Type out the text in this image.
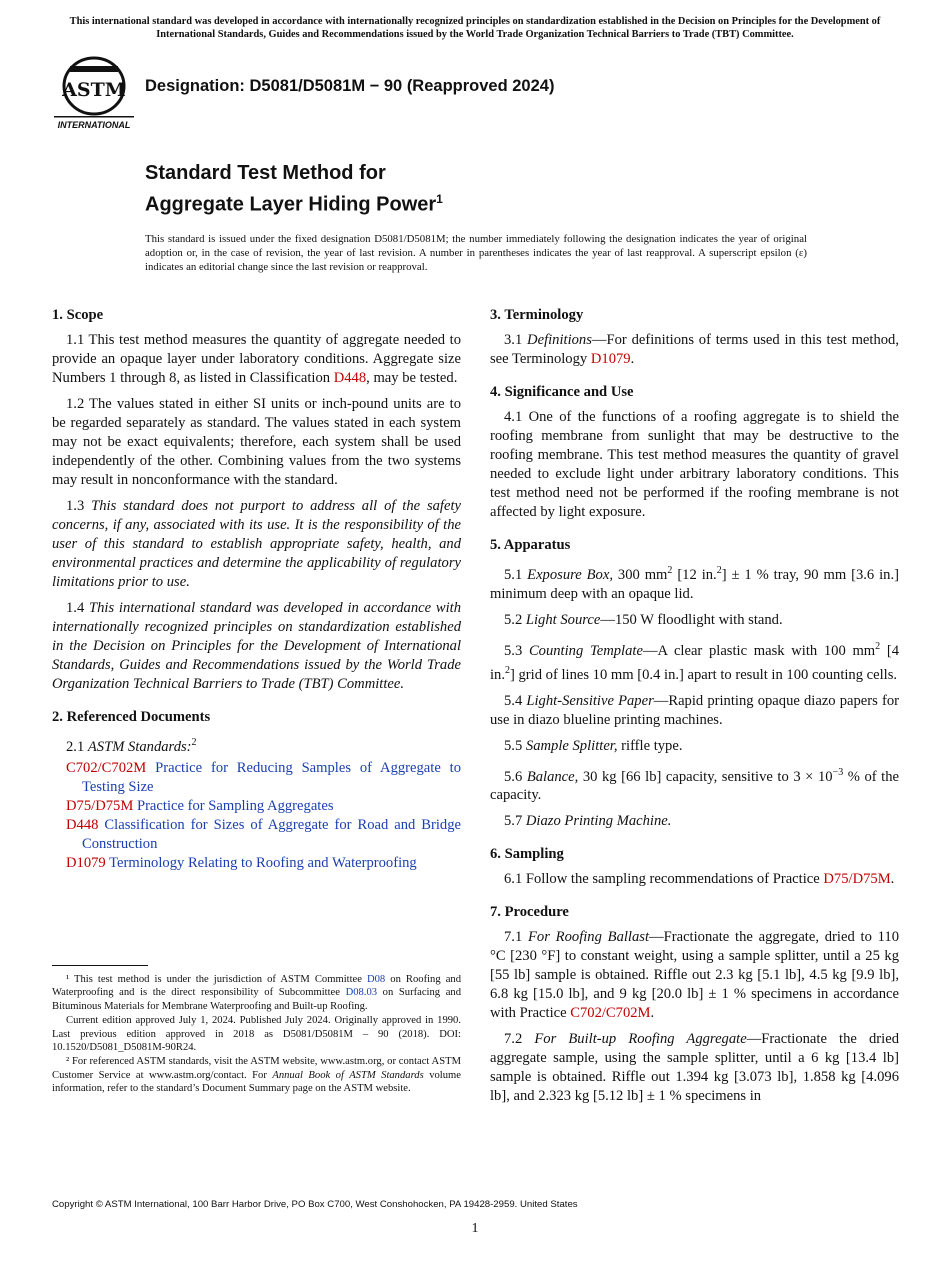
This international standard was developed in accordance with internationally recognized principles on standardization established in the Decision on Principles for the Development of International Standards, Guides and Recommendations issued by the World Trade Organization Technical Barriers to Trade (TBT) Committee.
ASTM
INTERNATIONAL
Designation: D5081/D5081M − 90 (Reapproved 2024)
Standard Test Method for
Aggregate Layer Hiding Power$^1$
This standard is issued under the fixed designation D5081/D5081M; the number immediately following the designation indicates the year of original adoption or, in the case of revision, the year of last revision. A number in parentheses indicates the year of last reapproval. A superscript epsilon (ε) indicates an editorial change since the last revision or reapproval.
1. Scope
1.1 This test method measures the quantity of aggregate needed to provide an opaque layer under laboratory conditions. Aggregate size Numbers 1 through 8, as listed in Classification D448, may be tested.
1.2 The values stated in either SI units or inch-pound units are to be regarded separately as standard. The values stated in each system may not be exact equivalents; therefore, each system shall be used independently of the other. Combining values from the two systems may result in nonconformance with the standard.
1.3 This standard does not purport to address all of the safety concerns, if any, associated with its use. It is the responsibility of the user of this standard to establish appropriate safety, health, and environmental practices and determine the applicability of regulatory limitations prior to use.
1.4 This international standard was developed in accordance with internationally recognized principles on standardization established in the Decision on Principles for the Development of International Standards, Guides and Recommendations issued by the World Trade Organization Technical Barriers to Trade (TBT) Committee.
2. Referenced Documents
2.1 ASTM Standards:$^2$
C702/C702M Practice for Reducing Samples of Aggregate to Testing Size
D75/D75M Practice for Sampling Aggregates
D448 Classification for Sizes of Aggregate for Road and Bridge Construction
D1079 Terminology Relating to Roofing and Waterproofing
¹ This test method is under the jurisdiction of ASTM Committee D08 on Roofing and Waterproofing and is the direct responsibility of Subcommittee D08.03 on Surfacing and Bituminous Materials for Membrane Waterproofing and Built-up Roofing.
Current edition approved July 1, 2024. Published July 2024. Originally approved in 1990. Last previous edition approved in 2018 as D5081/D5081M – 90 (2018). DOI: 10.1520/D5081_D5081M-90R24.
² For referenced ASTM standards, visit the ASTM website, www.astm.org, or contact ASTM Customer Service at www.astm.org/contact. For Annual Book of ASTM Standards volume information, refer to the standard’s Document Summary page on the ASTM website.
3. Terminology
3.1 Definitions—For definitions of terms used in this test method, see Terminology D1079.
4. Significance and Use
4.1 One of the functions of a roofing aggregate is to shield the roofing membrane from sunlight that may be destructive to the roofing membrane. This test method measures the quantity of gravel needed to exclude light under arbitrary laboratory conditions. This test method need not be performed if the roofing membrane is not affected by light exposure.
5. Apparatus
5.1 Exposure Box, 300 $mm^2$ [12 in.$^2$] ± 1 % tray, 90 mm [3.6 in.] minimum deep with an opaque lid.
5.2 Light Source—150 W floodlight with stand.
5.3 Counting Template—A clear plastic mask with 100 $mm^2$ [4 in.$^2$] grid of lines 10 mm [0.4 in.] apart to result in 100 counting cells.
5.4 Light-Sensitive Paper—Rapid printing opaque diazo papers for use in diazo blueline printing machines.
5.5 Sample Splitter, riffle type.
5.6 Balance, 30 kg [66 lb] capacity, sensitive to $3 \times 10^{-3}$ % of the capacity.
5.7 Diazo Printing Machine.
6. Sampling
6.1 Follow the sampling recommendations of Practice D75/D75M.
7. Procedure
7.1 For Roofing Ballast—Fractionate the aggregate, dried to 110 °C [230 °F] to constant weight, using a sample splitter, until a 25 kg [55 lb] sample is obtained. Riffle out 2.3 kg [5.1 lb], 4.5 kg [9.9 lb], 6.8 kg [15.0 lb], and 9 kg [20.0 lb] ± 1 % specimens in accordance with Practice C702/C702M.
7.2 For Built-up Roofing Aggregate—Fractionate the dried aggregate sample, using the sample splitter, until a 6 kg [13.4 lb] sample is obtained. Riffle out 1.394 kg [3.073 lb], 1.858 kg [4.096 lb], and 2.323 kg [5.12 lb] ± 1 % specimens in
Copyright © ASTM International, 100 Barr Harbor Drive, PO Box C700, West Conshohocken, PA 19428-2959. United States
1
